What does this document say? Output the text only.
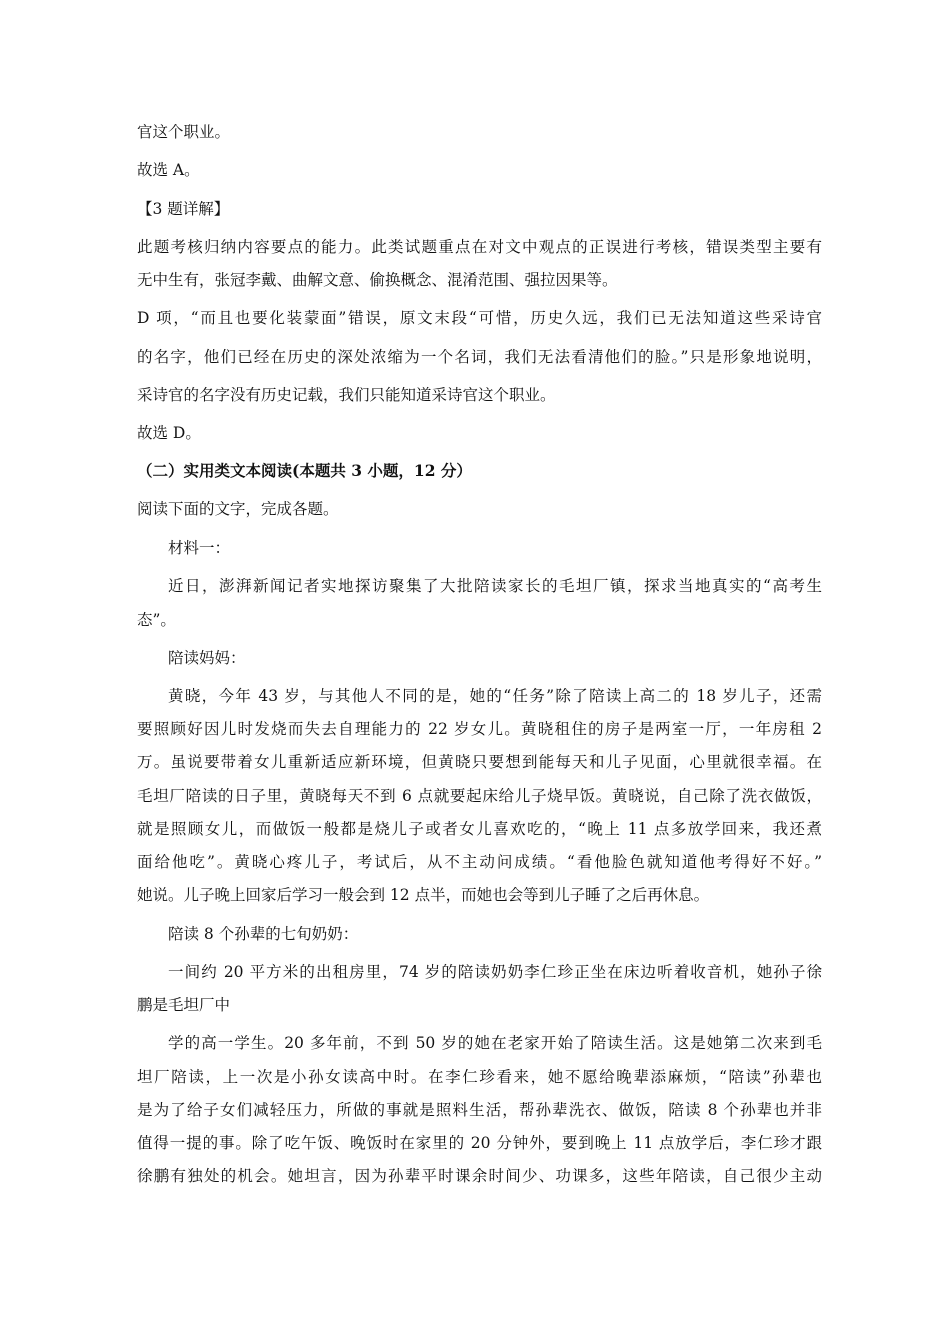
官这个职业。
故选 A。
【3 题详解】
此题考核归纳内容要点的能力。此类试题重点在对文中观点的正误进行考核，错误类型主要有
无中生有，张冠李戴、曲解文意、偷换概念、混淆范围、强拉因果等。
D 项，“而且也要化装蒙面”错误，原文末段“可惜，历史久远，我们已无法知道这些采诗官
的名字，他们已经在历史的深处浓缩为一个名词，我们无法看清他们的脸。”只是形象地说明，
采诗官的名字没有历史记载，我们只能知道采诗官这个职业。
故选 D。
（二）实用类文本阅读(本题共 3 小题，12 分）
阅读下面的文字，完成各题。
材料一：
近日，澎湃新闻记者实地探访聚集了大批陪读家长的毛坦厂镇，探求当地真实的“高考生
态”。
陪读妈妈：
黄晓，今年 43 岁，与其他人不同的是，她的“任务”除了陪读上高二的 18 岁儿子，还需
要照顾好因儿时发烧而失去自理能力的 22 岁女儿。黄晓租住的房子是两室一厅，一年房租 2
万。虽说要带着女儿重新适应新环境，但黄晓只要想到能每天和儿子见面，心里就很幸福。在
毛坦厂陪读的日子里，黄晓每天不到 6 点就要起床给儿子烧早饭。黄晓说，自己除了洗衣做饭，
就是照顾女儿，而做饭一般都是烧儿子或者女儿喜欢吃的，“晚上 11 点多放学回来，我还煮
面给他吃”。黄晓心疼儿子，考试后，从不主动问成绩。“看他脸色就知道他考得好不好。”
她说。儿子晚上回家后学习一般会到 12 点半，而她也会等到儿子睡了之后再休息。
陪读 8 个孙辈的七旬奶奶：
一间约 20 平方米的出租房里，74 岁的陪读奶奶李仁珍正坐在床边听着收音机，她孙子徐
鹏是毛坦厂中
学的高一学生。20 多年前，不到 50 岁的她在老家开始了陪读生活。这是她第二次来到毛
坦厂陪读，上一次是小孙女读高中时。在李仁珍看来，她不愿给晚辈添麻烦，“陪读”孙辈也
是为了给子女们减轻压力，所做的事就是照料生活，帮孙辈洗衣、做饭，陪读 8 个孙辈也并非
值得一提的事。除了吃午饭、晚饭时在家里的 20 分钟外，要到晚上 11 点放学后，李仁珍才跟
徐鹏有独处的机会。她坦言，因为孙辈平时课余时间少、功课多，这些年陪读，自己很少主动
